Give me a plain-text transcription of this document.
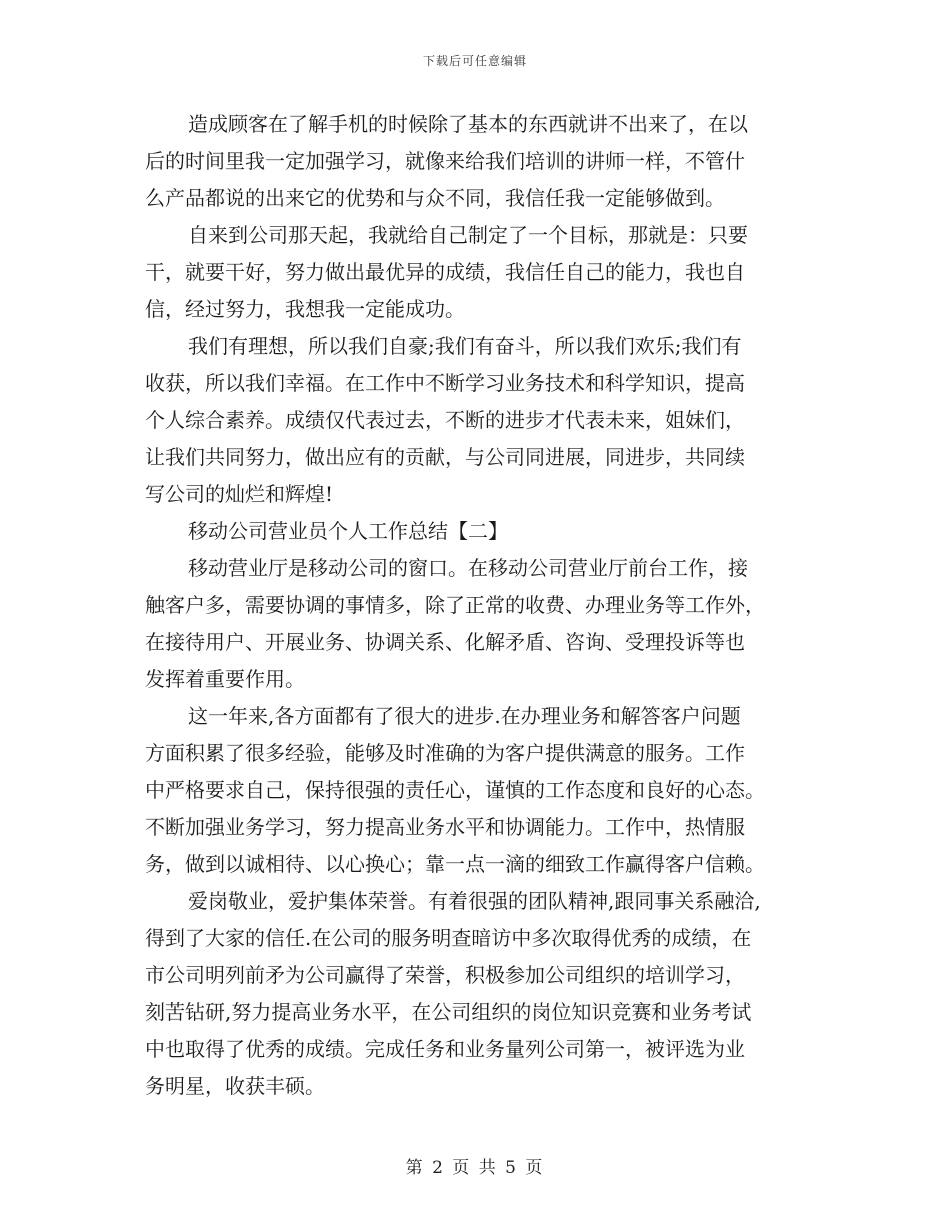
下载后可任意编辑
造成顾客在了解手机的时候除了基本的东西就讲不出来了，在以
后的时间里我一定加强学习，就像来给我们培训的讲师一样，不管什
么产品都说的出来它的优势和与众不同，我信任我一定能够做到。
自来到公司那天起，我就给自己制定了一个目标，那就是：只要
干，就要干好，努力做出最优异的成绩，我信任自己的能力，我也自
信，经过努力，我想我一定能成功。
我们有理想，所以我们自豪;我们有奋斗，所以我们欢乐;我们有
收获，所以我们幸福。在工作中不断学习业务技术和科学知识，提高
个人综合素养。成绩仅代表过去，不断的进步才代表未来，姐妹们，
让我们共同努力，做出应有的贡献，与公司同进展，同进步，共同续
写公司的灿烂和辉煌!
移动公司营业员个人工作总结【二】
移动营业厅是移动公司的窗口。在移动公司营业厅前台工作，接
触客户多，需要协调的事情多，除了正常的收费、办理业务等工作外，
在接待用户、开展业务、协调关系、化解矛盾、咨询、受理投诉等也
发挥着重要作用。
这一年来,各方面都有了很大的进步.在办理业务和解答客户问题
方面积累了很多经验，能够及时准确的为客户提供满意的服务。工作
中严格要求自己，保持很强的责任心，谨慎的工作态度和良好的心态。
不断加强业务学习，努力提高业务水平和协调能力。工作中，热情服
务，做到以诚相待、以心换心；靠一点一滴的细致工作赢得客户信赖。
爱岗敬业，爱护集体荣誉。有着很强的团队精神,跟同事关系融洽,
得到了大家的信任.在公司的服务明查暗访中多次取得优秀的成绩，在
市公司明列前矛为公司赢得了荣誉，积极参加公司组织的培训学习，
刻苦钻研,努力提高业务水平，在公司组织的岗位知识竞赛和业务考试
中也取得了优秀的成绩。完成任务和业务量列公司第一，被评选为业
务明星，收获丰硕。
第 2 页 共 5 页
